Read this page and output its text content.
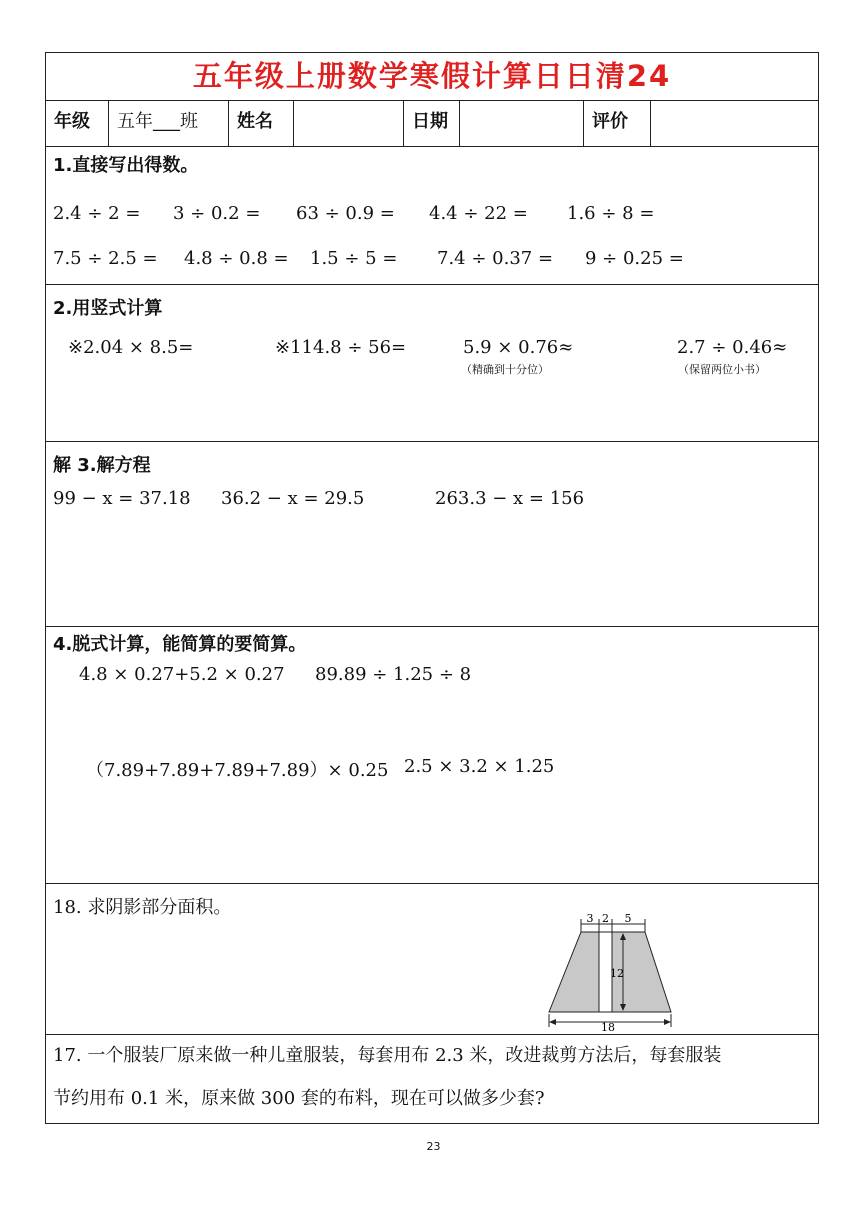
五年级上册数学寒假计算日日清24
年级	五年___班	姓名	日期	评价
1.直接写出得数。
2.4 ÷ 2 = 3 ÷ 0.2 = 63 ÷ 0.9 = 4.4 ÷ 22 = 1.6 ÷ 8 =
7.5 ÷ 2.5 = 4.8 ÷ 0.8 = 1.5 ÷ 5 = 7.4 ÷ 0.37 = 9 ÷ 0.25 =
2.用竖式计算
※2.04 × 8.5=	※114.8 ÷ 56=	5.9 × 0.76≈	2.7 ÷ 0.46≈
（精确到十分位）	（保留两位小书）
解 3.解方程
99 − x = 37.18 36.2 − x = 29.5	263.3 − x = 156
4.脱式计算，能简算的要简算。
4.8 × 0.27+5.2 × 0.27 89.89 ÷ 1.25 ÷ 8
（7.89+7.89+7.89+7.89）× 0.25 2.5 × 3.2 × 1.25
18. 求阴影部分面积。
3 2 5
12
18
17. 一个服装厂原来做一种儿童服装，每套用布 2.3 米，改进裁剪方法后，每套服装
节约用布 0.1 米，原来做 300 套的布料，现在可以做多少套?
23
